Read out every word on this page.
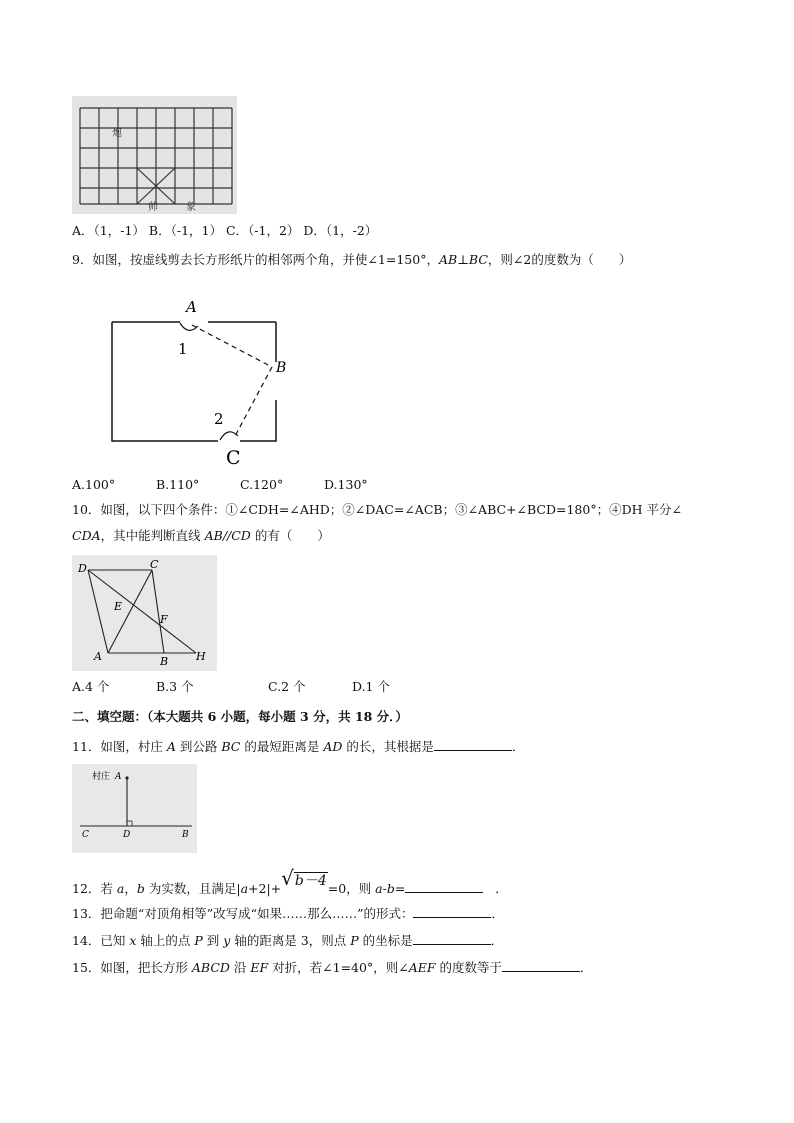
炮
帅	象
A．（1，-1） B．（-1，1） C．（-1，2） D．（1，-2）
9．如图，按虚线剪去长方形纸片的相邻两个角，并使∠1=150°，AB⊥BC，则∠2的度数为（　　）
A
B
C
1
2
A.100°	B.110°	C.120°	D.130°
10．如图，以下四个条件：①∠CDH=∠AHD；②∠DAC=∠ACB；③∠ABC+∠BCD=180°；④DH 平分∠
CDA，其中能判断直线 AB//CD 的有（　　）
D	C
E
F
A	B	H
A.4 个	B.3 个	C.2 个	D.1 个
二、填空题：（本大题共 6 小题，每小题 3 分，共 18 分．）
11．如图，村庄 A 到公路 BC 的最短距离是 AD 的长，其根据是	．
村庄 A
C	D	B
12．若 a，b 为实数，且满足|a+2|+√b－4=0，则 a-b=	．
13．把命题“对顶角相等”改写成“如果……那么……”的形式：	．
14．已知 x 轴上的点 P 到 y 轴的距离是 3，则点 P 的坐标是	．
15．如图，把长方形 ABCD 沿 EF 对折，若∠1=40°，则∠AEF 的度数等于	．
